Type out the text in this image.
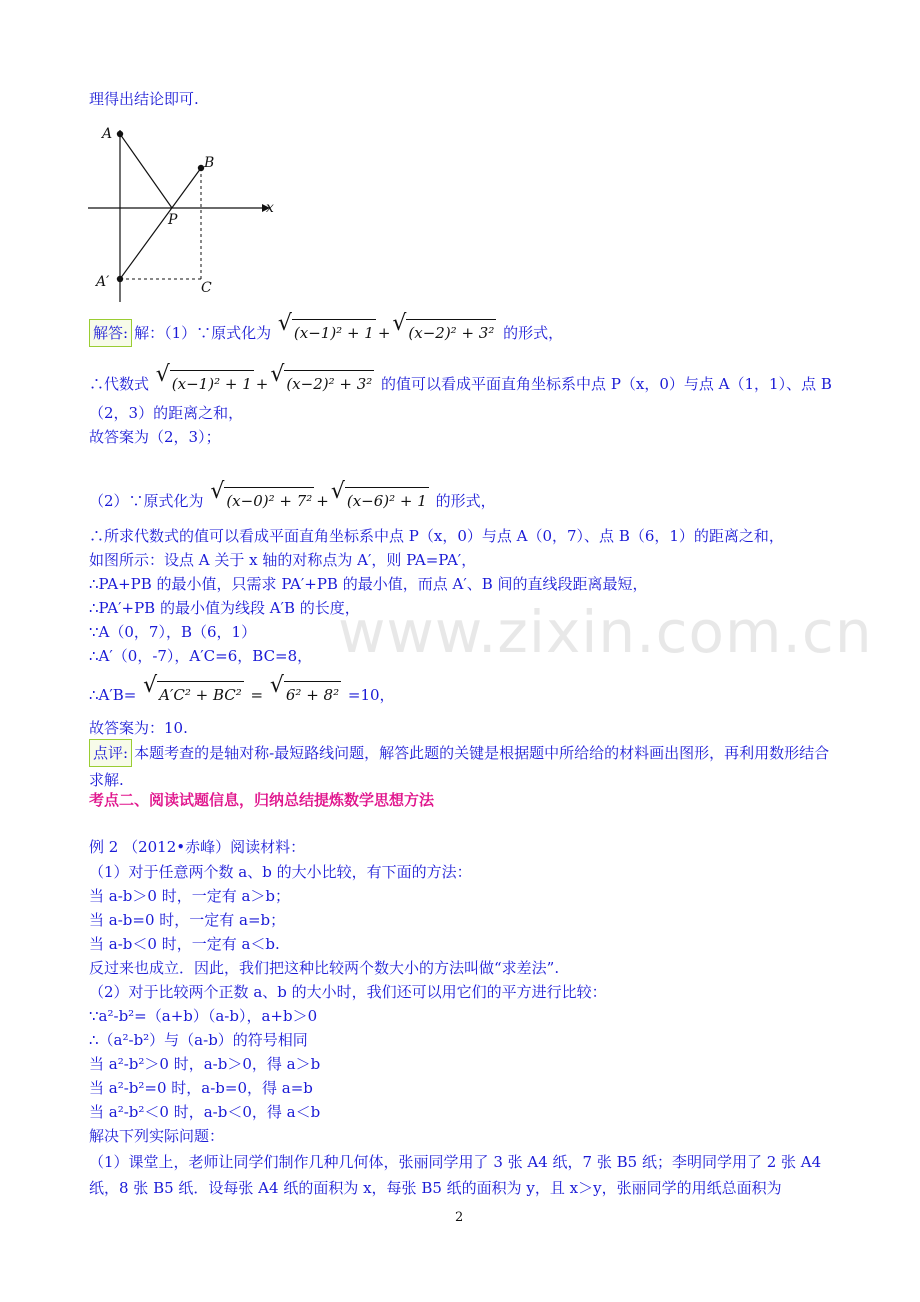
理得出结论即可.
A
B
P
A′	C
x
解答: 解：（1）∵原式化为 √ (x−1)² + 1 + √ (x−2)² + 3² 的形式，
∴代数式 √ (x−1)² + 1 + √ (x−2)² + 3² 的值可以看成平面直角坐标系中点 P（x，0）与点 A（1，1）、点 B
（2，3）的距离之和，
故答案为（2，3）；
（2）∵原式化为 √ (x−0)² + 7² + √ (x−6)² + 1 的形式，
∴所求代数式的值可以看成平面直角坐标系中点 P（x，0）与点 A（0，7）、点 B（6，1）的距离之和，
如图所示：设点 A 关于 x 轴的对称点为 A′，则 PA=PA′，
∴PA+PB 的最小值，只需求 PA′+PB 的最小值，而点 A′、B 间的直线段距离最短，
∴PA′+PB 的最小值为线段 A′B 的长度，
∵A（0，7），B（6，1）
∴A′（0，-7），A′C=6，BC=8，
∴A′B= √ A′C² + BC² = √ 6² + 8² =10，
故答案为：10.
点评: 本题考查的是轴对称-最短路线问题，解答此题的关键是根据题中所给给的材料画出图形，再利用数形结合求解.
考点二、阅读试题信息，归纳总结提炼数学思想方法
例 2 （2012•赤峰）阅读材料：
（1）对于任意两个数 a、b 的大小比较，有下面的方法：
当 a-b＞0 时，一定有 a＞b；
当 a-b=0 时，一定有 a=b；
当 a-b＜0 时，一定有 a＜b.
反过来也成立．因此，我们把这种比较两个数大小的方法叫做“求差法”.
（2）对于比较两个正数 a、b 的大小时，我们还可以用它们的平方进行比较：
∵a²-b²=（a+b）（a-b），a+b＞0
∴（a²-b²）与（a-b）的符号相同
当 a²-b²＞0 时，a-b＞0，得 a＞b
当 a²-b²=0 时，a-b=0，得 a=b
当 a²-b²＜0 时，a-b＜0，得 a＜b
解决下列实际问题：
（1）课堂上，老师让同学们制作几种几何体，张丽同学用了 3 张 A4 纸，7 张 B5 纸；李明同学用了 2 张 A4 纸，8 张 B5 纸．设每张 A4 纸的面积为 x，每张 B5 纸的面积为 y，且 x＞y，张丽同学的用纸总面积为
www.zixin.com.cn
2
